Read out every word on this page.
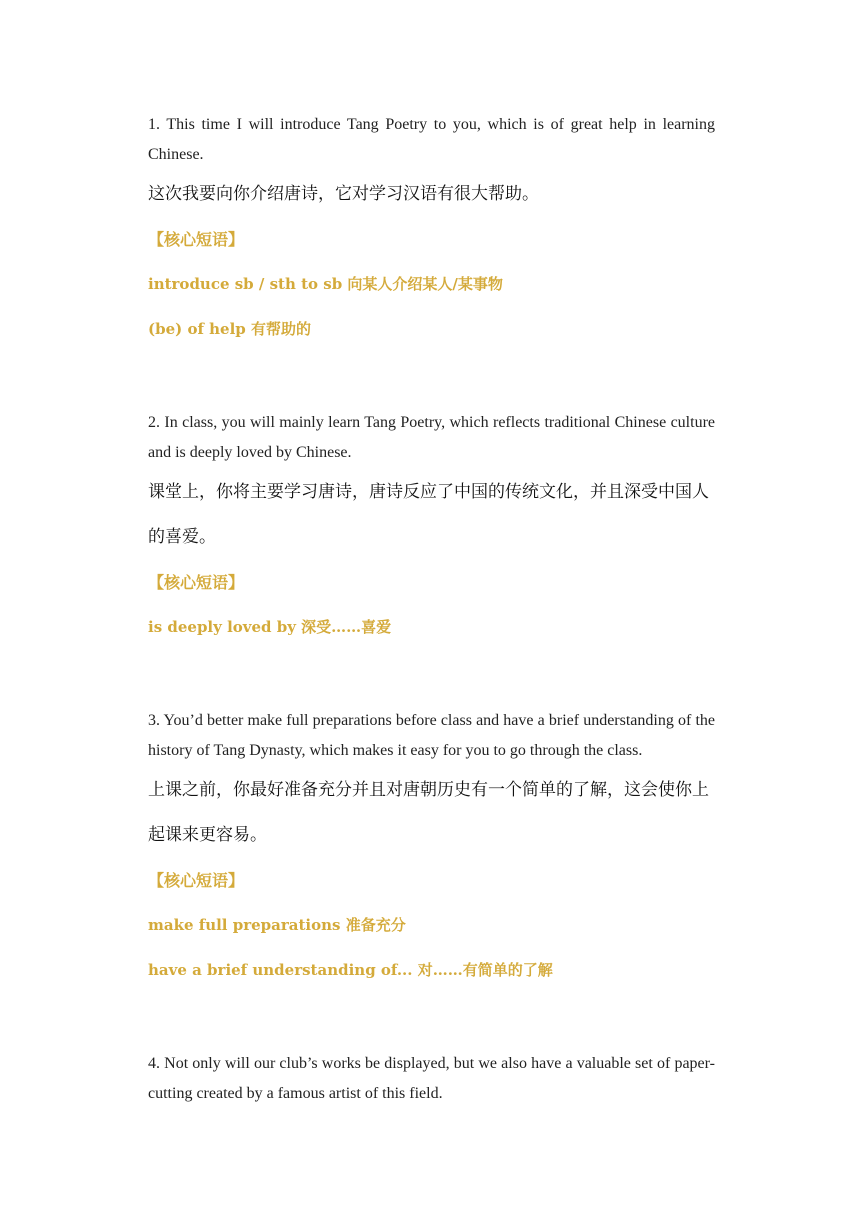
1. This time I will introduce Tang Poetry to you, which is of great help in learning Chinese.

这次我要向你介绍唐诗，它对学习汉语有很大帮助。

【核心短语】

introduce sb / sth to sb 向某人介绍某人/某事物

(be) of help 有帮助的

2. In class, you will mainly learn Tang Poetry, which reflects traditional Chinese culture and is deeply loved by Chinese.

课堂上，你将主要学习唐诗，唐诗反应了中国的传统文化，并且深受中国人的喜爱。

【核心短语】

is deeply loved by 深受……喜爱

3. You’d better make full preparations before class and have a brief understanding of the history of Tang Dynasty, which makes it easy for you to go through the class.

上课之前，你最好准备充分并且对唐朝历史有一个简单的了解，这会使你上起课来更容易。

【核心短语】

make full preparations 准备充分

have a brief understanding of... 对……有简单的了解

4. Not only will our club’s works be displayed, but we also have a valuable set of paper-cutting created by a famous artist of this field.
